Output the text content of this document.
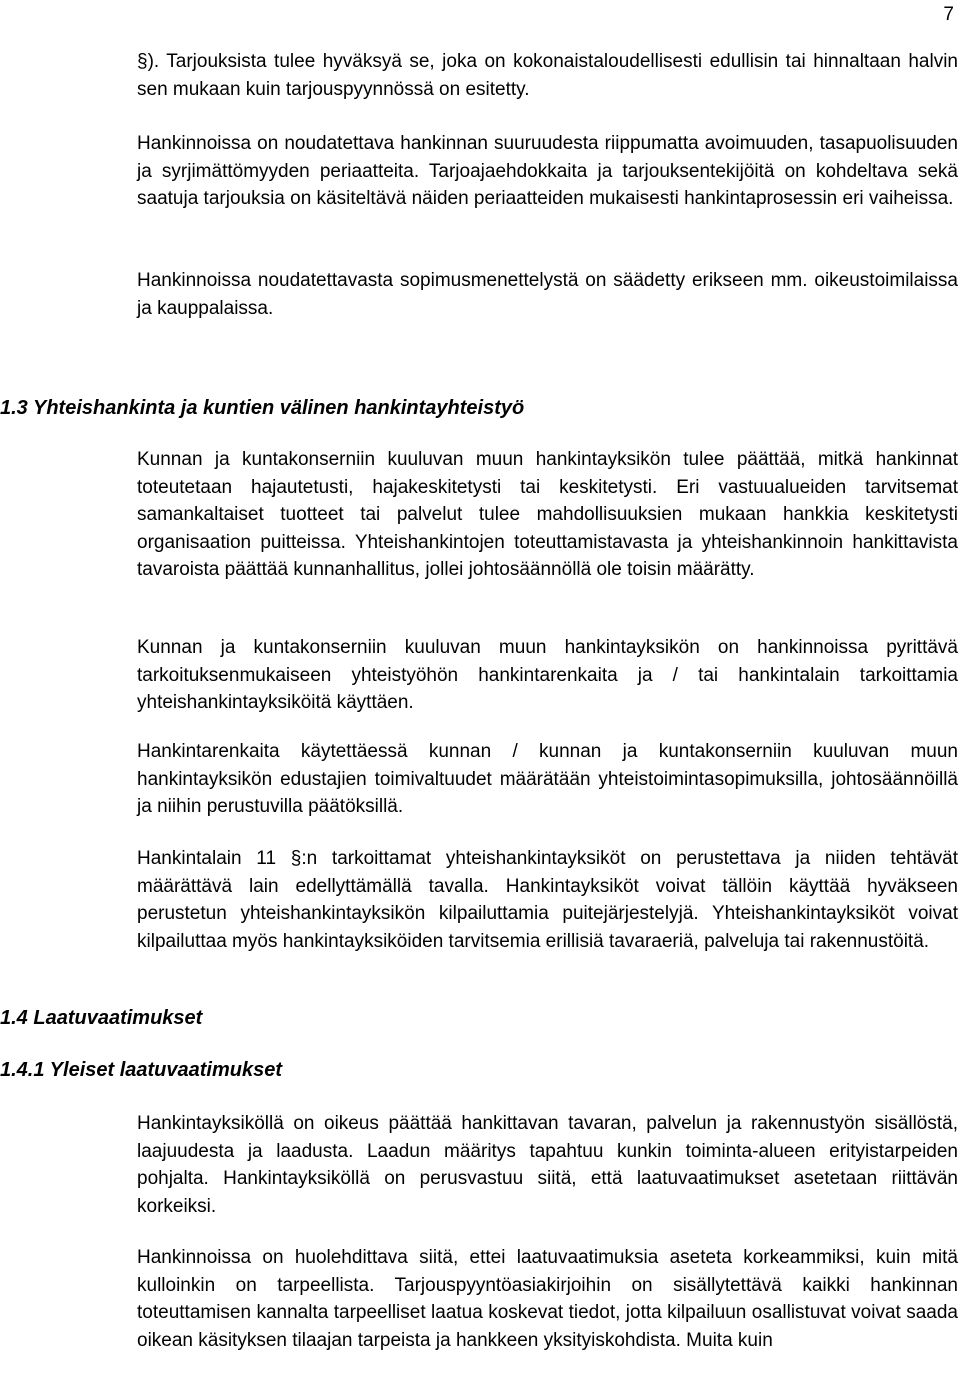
7

§). Tarjouksista tulee hyväksyä se, joka on kokonaistaloudellisesti edullisin tai hinnaltaan halvin sen mukaan kuin tarjouspyynnössä on esitetty.

Hankinnoissa on noudatettava hankinnan suuruudesta riippumatta avoimuuden, tasapuolisuuden ja syrjimättömyyden periaatteita. Tarjoajaehdokkaita ja tarjouksentekijöitä on kohdeltava sekä saatuja tarjouksia on käsiteltävä näiden periaatteiden mukaisesti hankintaprosessin eri vaiheissa.

Hankinnoissa noudatettavasta sopimusmenettelystä on säädetty erikseen mm. oikeustoimilaissa ja kauppalaissa.

1.3 Yhteishankinta ja kuntien välinen hankintayhteistyö

Kunnan ja kuntakonserniin kuuluvan muun hankintayksikön tulee päättää, mitkä hankinnat toteutetaan hajautetusti, hajakeskitetysti tai keskitetysti. Eri vastuualueiden tarvitsemat samankaltaiset tuotteet tai palvelut tulee mahdollisuuksien mukaan hankkia keskitetysti organisaation puitteissa. Yhteishankintojen toteuttamistavasta ja yhteishankinnoin hankittavista tavaroista päättää kunnanhallitus, jollei johtosäännöllä ole toisin määrätty.

Kunnan ja kuntakonserniin kuuluvan muun hankintayksikön on hankinnoissa pyrittävä tarkoituksenmukaiseen yhteistyöhön hankintarenkaita ja / tai hankintalain tarkoittamia yhteishankintayksiköitä käyttäen.

Hankintarenkaita käytettäessä kunnan / kunnan ja kuntakonserniin kuuluvan muun hankintayksikön edustajien toimivaltuudet määrätään yhteistoimintasopimuksilla, johtosäännöillä ja niihin perustuvilla päätöksillä.

Hankintalain 11 §:n tarkoittamat yhteishankintayksiköt on perustettava ja niiden tehtävät määrättävä lain edellyttämällä tavalla. Hankintayksiköt voivat tällöin käyttää hyväkseen perustetun yhteishankintayksikön kilpailuttamia puitejärjestelyjä. Yhteishankintayksiköt voivat kilpailuttaa myös hankintayksiköiden tarvitsemia erillisiä tavaraeriä, palveluja tai rakennustöitä.

1.4 Laatuvaatimukset
1.4.1 Yleiset laatuvaatimukset

Hankintayksiköllä on oikeus päättää hankittavan tavaran, palvelun ja rakennustyön sisällöstä, laajuudesta ja laadusta. Laadun määritys tapahtuu kunkin toiminta-alueen erityistarpeiden pohjalta. Hankintayksiköllä on perusvastuu siitä, että laatuvaatimukset asetetaan riittävän korkeiksi.

Hankinnoissa on huolehdittava siitä, ettei laatuvaatimuksia aseteta korkeammiksi, kuin mitä kulloinkin on tarpeellista. Tarjouspyyntöasiakirjoihin on sisällytettävä kaikki hankinnan toteuttamisen kannalta tarpeelliset laatua koskevat tiedot, jotta kilpailuun osallistuvat voivat saada oikean käsityksen tilaajan tarpeista ja hankkeen yksityiskohdista. Muita kuin
